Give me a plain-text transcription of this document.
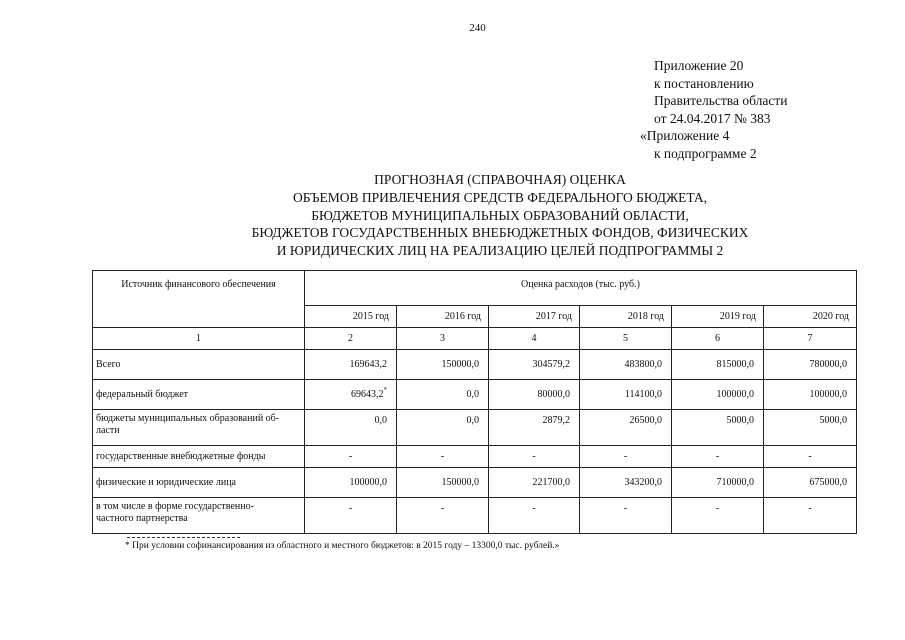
240
Приложение 20
к постановлению
Правительства области
от 24.04.2017 № 383
«Приложение 4
к подпрограмме 2
ПРОГНОЗНАЯ (СПРАВОЧНАЯ) ОЦЕНКА
ОБЪЕМОВ ПРИВЛЕЧЕНИЯ СРЕДСТВ ФЕДЕРАЛЬНОГО БЮДЖЕТА,
БЮДЖЕТОВ МУНИЦИПАЛЬНЫХ ОБРАЗОВАНИЙ ОБЛАСТИ,
БЮДЖЕТОВ ГОСУДАРСТВЕННЫХ ВНЕБЮДЖЕТНЫХ ФОНДОВ, ФИЗИЧЕСКИХ
И ЮРИДИЧЕСКИХ ЛИЦ НА РЕАЛИЗАЦИЮ ЦЕЛЕЙ ПОДПРОГРАММЫ 2
Источник финансового обеспечения	Оценка расходов (тыс. руб.)					
	2015 год	2016 год	2017 год	2018 год	2019 год	2020 год
1	2	3	4	5	6	7
Всего	169643,2	150000,0	304579,2	483800,0	815000,0	780000,0
федеральный бюджет	69643,2*	0,0	80000,0	114100,0	100000,0	100000,0

бюджеты муниципальных образований об-
ласти	0,0	0,0	2879,2	26500,0	5000,0	5000,0
государственные внебюджетные фонды	-	-	-	-	-	-
физические и юридические лица	100000,0	150000,0	221700,0	343200,0	710000,0	675000,0

в том числе в форме государственно-
частного партнерства	-	-	-	-	-	-
* При условии софинансирования из областного и местного бюджетов: в 2015 году – 13300,0 тыс. рублей.»
